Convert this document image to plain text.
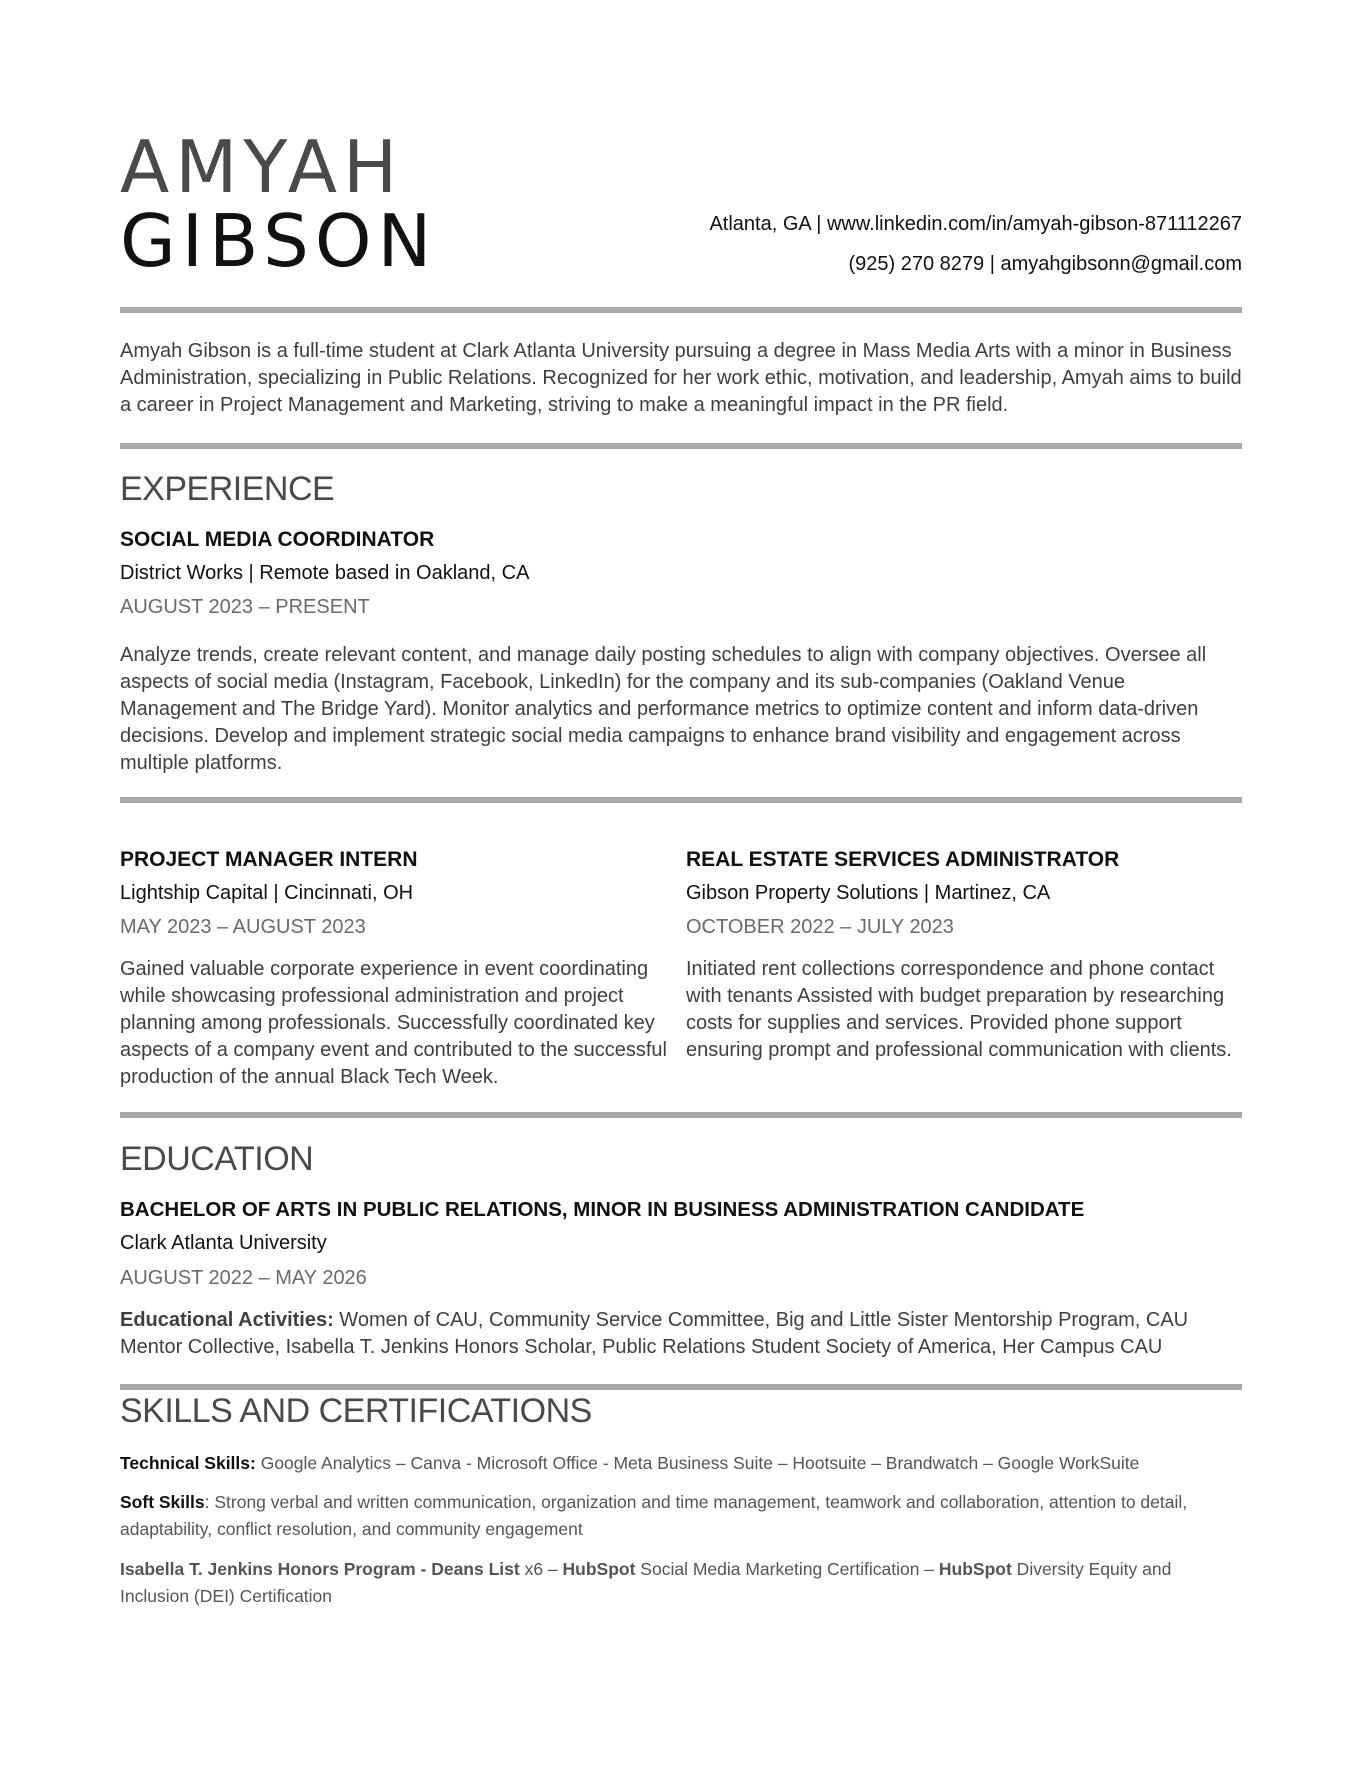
AMYAH
GIBSON	Atlanta, GA | www.linkedin.com/in/amyah-gibson-871112267
(925) 270 8279 | amyahgibsonn@gmail.com
Amyah Gibson is a full-time student at Clark Atlanta University pursuing a degree in Mass Media Arts with a minor in Business Administration, specializing in Public Relations. Recognized for her work ethic, motivation, and leadership, Amyah aims to build a career in Project Management and Marketing, striving to make a meaningful impact in the PR field.
EXPERIENCE
SOCIAL MEDIA COORDINATOR
District Works | Remote based in Oakland, CA
AUGUST 2023 – PRESENT
Analyze trends, create relevant content, and manage daily posting schedules to align with company objectives. Oversee all aspects of social media (Instagram, Facebook, LinkedIn) for the company and its sub-companies (Oakland Venue Management and The Bridge Yard). Monitor analytics and performance metrics to optimize content and inform data-driven decisions. Develop and implement strategic social media campaigns to enhance brand visibility and engagement across multiple platforms.
PROJECT MANAGER INTERN
Lightship Capital | Cincinnati, OH
MAY 2023 – AUGUST 2023
Gained valuable corporate experience in event coordinating while showcasing professional administration and project planning among professionals. Successfully coordinated key aspects of a company event and contributed to the successful production of the annual Black Tech Week.
REAL ESTATE SERVICES ADMINISTRATOR
Gibson Property Solutions | Martinez, CA
OCTOBER 2022 – JULY 2023
Initiated rent collections correspondence and phone contact with tenants Assisted with budget preparation by researching costs for supplies and services. Provided phone support ensuring prompt and professional communication with clients.
EDUCATION
BACHELOR OF ARTS IN PUBLIC RELATIONS, MINOR IN BUSINESS ADMINISTRATION CANDIDATE
Clark Atlanta University
AUGUST 2022 – MAY 2026
Educational Activities: Women of CAU, Community Service Committee, Big and Little Sister Mentorship Program, CAU Mentor Collective, Isabella T. Jenkins Honors Scholar, Public Relations Student Society of America, Her Campus CAU
SKILLS AND CERTIFICATIONS
Technical Skills: Google Analytics – Canva - Microsoft Office - Meta Business Suite – Hootsuite – Brandwatch – Google WorkSuite
Soft Skills: Strong verbal and written communication, organization and time management, teamwork and collaboration, attention to detail, adaptability, conflict resolution, and community engagement
Isabella T. Jenkins Honors Program - Deans List x6 – HubSpot Social Media Marketing Certification – HubSpot Diversity Equity and Inclusion (DEI) Certification
